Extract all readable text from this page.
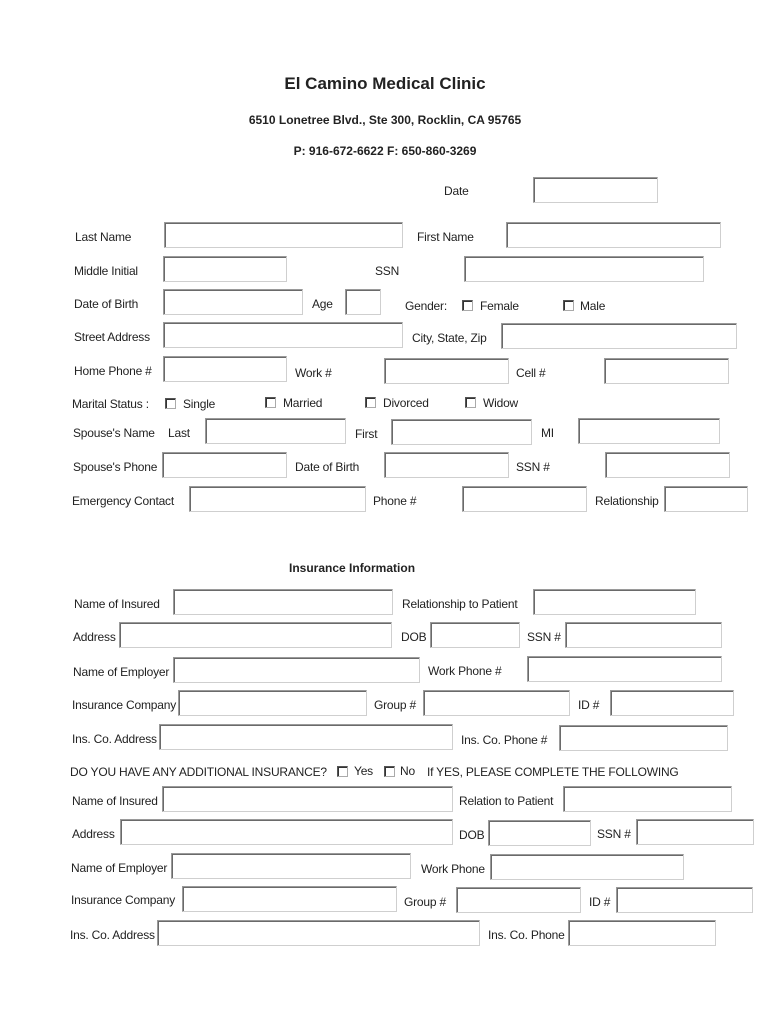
El Camino Medical Clinic
6510 Lonetree Blvd., Ste 300, Rocklin, CA 95765
P: 916-672-6622 F: 650-860-3269
Date
Last Name	First Name
Middle Initial	SSN
Date of Birth	Age	Gender:	Female	Male
Street Address	City, State, Zip
Home Phone #	Work #	Cell #
Marital Status :	Single	Married	Divorced	Widow
Spouse's Name Last	First	MI
Spouse's Phone	Date of Birth	SSN #
Emergency Contact	Phone #	Relationship
Insurance Information
Name of Insured	Relationship to Patient
Address	DOB	SSN #
Name of Employer	Work Phone #
Insurance Company	Group #	ID #
Ins. Co. Address	Ins. Co. Phone #
DO YOU HAVE ANY ADDITIONAL INSURANCE? Yes No If YES, PLEASE COMPLETE THE FOLLOWING
Name of Insured	Relation to Patient
Address	DOB	SSN #
Name of Employer	Work Phone
Insurance Company	Group #	ID #
Ins. Co. Address	Ins. Co. Phone
